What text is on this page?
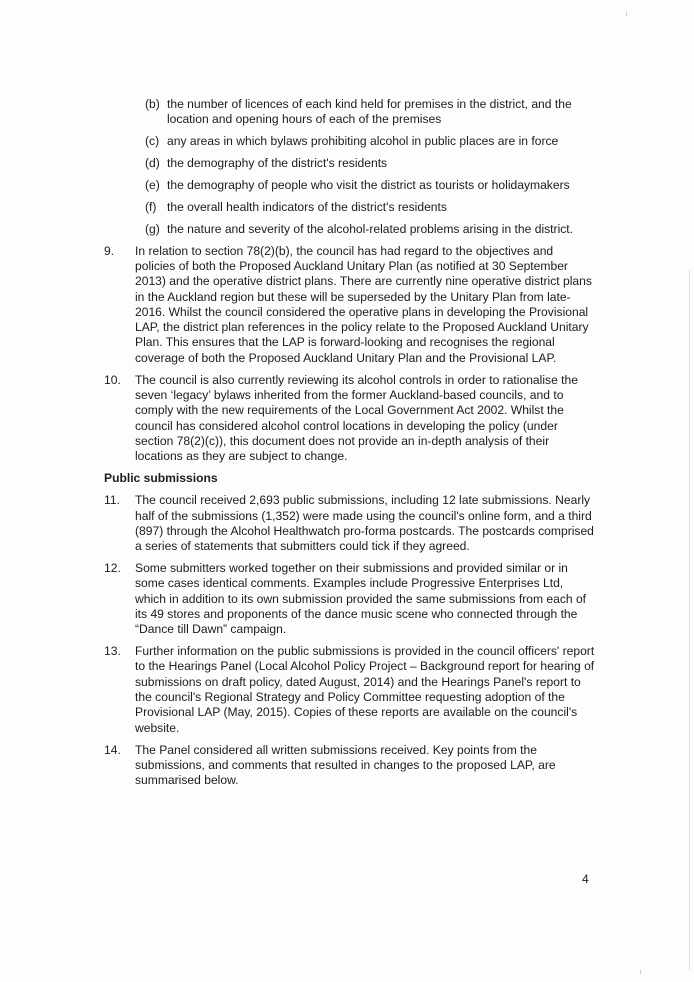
(b) the number of licences of each kind held for premises in the district, and the location and opening hours of each of the premises
(c) any areas in which bylaws prohibiting alcohol in public places are in force
(d) the demography of the district's residents
(e) the demography of people who visit the district as tourists or holidaymakers
(f) the overall health indicators of the district's residents
(g) the nature and severity of the alcohol-related problems arising in the district.
9. In relation to section 78(2)(b), the council has had regard to the objectives and policies of both the Proposed Auckland Unitary Plan (as notified at 30 September 2013) and the operative district plans. There are currently nine operative district plans in the Auckland region but these will be superseded by the Unitary Plan from late-2016. Whilst the council considered the operative plans in developing the Provisional LAP, the district plan references in the policy relate to the Proposed Auckland Unitary Plan. This ensures that the LAP is forward-looking and recognises the regional coverage of both the Proposed Auckland Unitary Plan and the Provisional LAP.
10. The council is also currently reviewing its alcohol controls in order to rationalise the seven ‘legacy’ bylaws inherited from the former Auckland-based councils, and to comply with the new requirements of the Local Government Act 2002. Whilst the council has considered alcohol control locations in developing the policy (under section 78(2)(c)), this document does not provide an in-depth analysis of their locations as they are subject to change.
Public submissions
11. The council received 2,693 public submissions, including 12 late submissions. Nearly half of the submissions (1,352) were made using the council's online form, and a third (897) through the Alcohol Healthwatch pro-forma postcards. The postcards comprised a series of statements that submitters could tick if they agreed.
12. Some submitters worked together on their submissions and provided similar or in some cases identical comments. Examples include Progressive Enterprises Ltd, which in addition to its own submission provided the same submissions from each of its 49 stores and proponents of the dance music scene who connected through the “Dance till Dawn” campaign.
13. Further information on the public submissions is provided in the council officers' report to the Hearings Panel (Local Alcohol Policy Project – Background report for hearing of submissions on draft policy, dated August, 2014) and the Hearings Panel's report to the council's Regional Strategy and Policy Committee requesting adoption of the Provisional LAP (May, 2015). Copies of these reports are available on the council's website.
14. The Panel considered all written submissions received. Key points from the submissions, and comments that resulted in changes to the proposed LAP, are summarised below.
4
